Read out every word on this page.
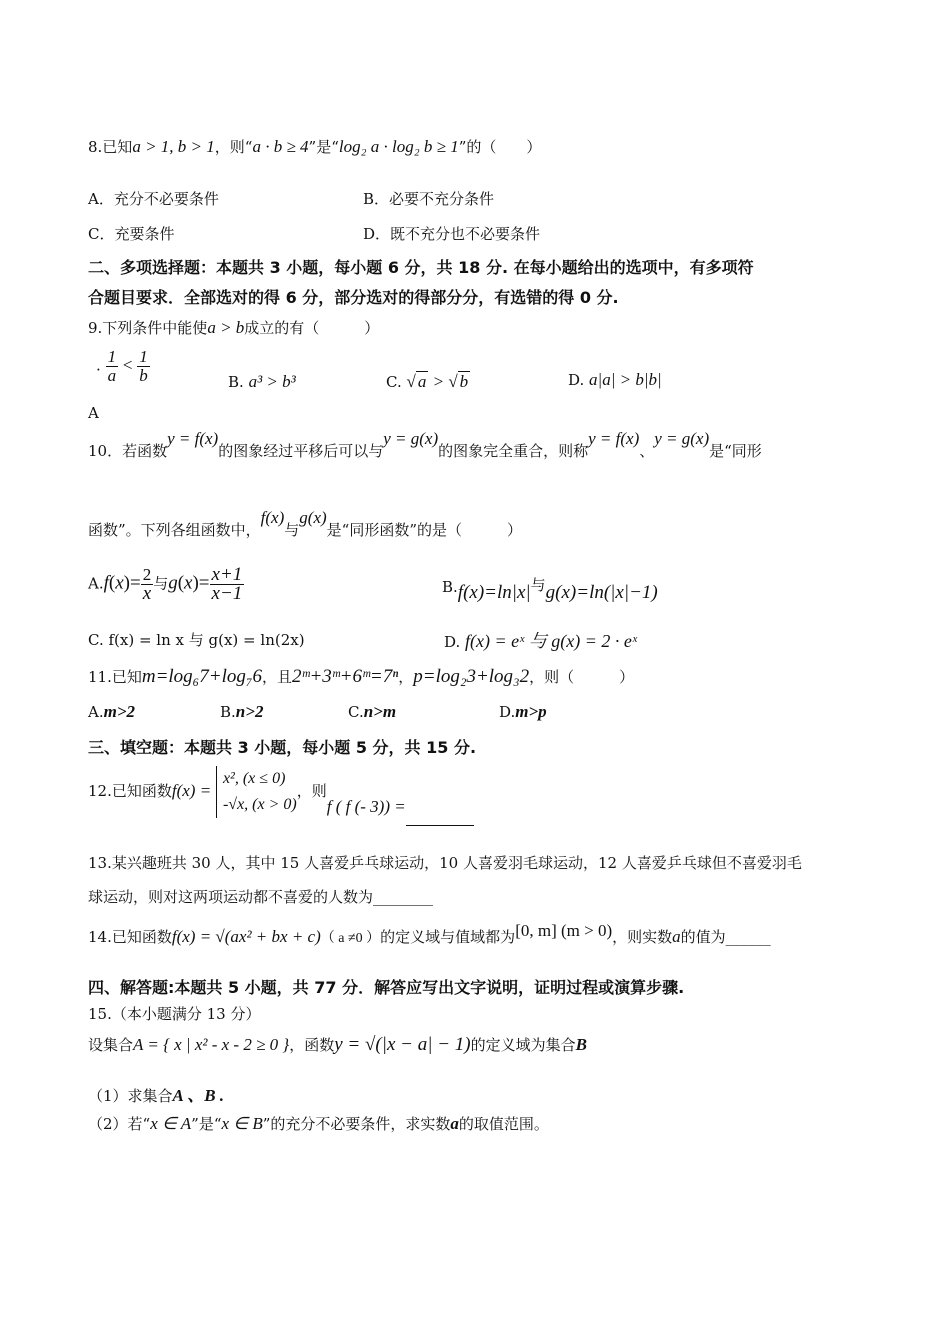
8.已知a > 1, b > 1，则“a · b ≥ 4”是“log₂ a · log₂ b ≥ 1”的（　　）
A．充分不必要条件	B．必要不充分条件
C．充要条件	D．既不充分也不必要条件
二、多项选择题：本题共 3 小题，每小题 6 分，共 18 分. 在每小题给出的选项中，有多项符
合题目要求．全部选对的得 6 分，部分选对的得部分分，有选错的得 0 分.
9.下列条件中能使a > b成立的有（　　　）
. $\frac{1}{a} < \frac{1}{b}$
A
B. a³ > b³	C. √ a > √ b	D. a|a| > b|b|
10．若函数y = f(x)的图象经过平移后可以与y = g(x)的图象完全重合，则称y = f(x)、y = g(x)是“同形
函数”。下列各组函数中，f(x)与g(x)是“同形函数”的是（　　　）
$A.f(x)= \frac{2}{x}$ 与$g(x)= \frac{x+1}{x-1}$	B.f(x)=ln|x|与g(x)=ln(|x|−1)
C. f(x) = ln x 与 g(x) = ln(2x)	D. f(x) = eˣ 与 g(x) = 2 · eˣ
11.已知m=log₆7+log₇6，且2ᵐ+3ᵐ+6ᵐ=7ⁿ，p=log₂3+log₃2，则（　　　）
A.m>2	B.n>2	C.n>m	D.m>p
三、填空题：本题共 3 小题，每小题 5 分，共 15 分.
12.已知函数f(x) =
x², (x ≤ 0)
-√x, (x > 0)
，则f ( f (- 3)) =
13.某兴趣班共 30 人，其中 15 人喜爱乒乓球运动，10 人喜爱羽毛球运动，12 人喜爱乒乓球但不喜爱羽毛
球运动，则对这两项运动都不喜爱的人数为________
14.已知函数f(x) = √(ax² + bx + c)（ a ≠0 ）的定义域与值域都为[0, m] (m > 0)，则实数a的值为______
四、解答题:本题共 5 小题，共 77 分．解答应写出文字说明，证明过程或演算步骤.
15.（本小题满分 13 分）
设集合A = { x | x² - x - 2 ≥ 0 }，函数y = √(|x − a| − 1)的定义域为集合B
（1）求集合A 、B .
（2）若“x ∈ A”是“x ∈ B”的充分不必要条件，求实数a的取值范围。
